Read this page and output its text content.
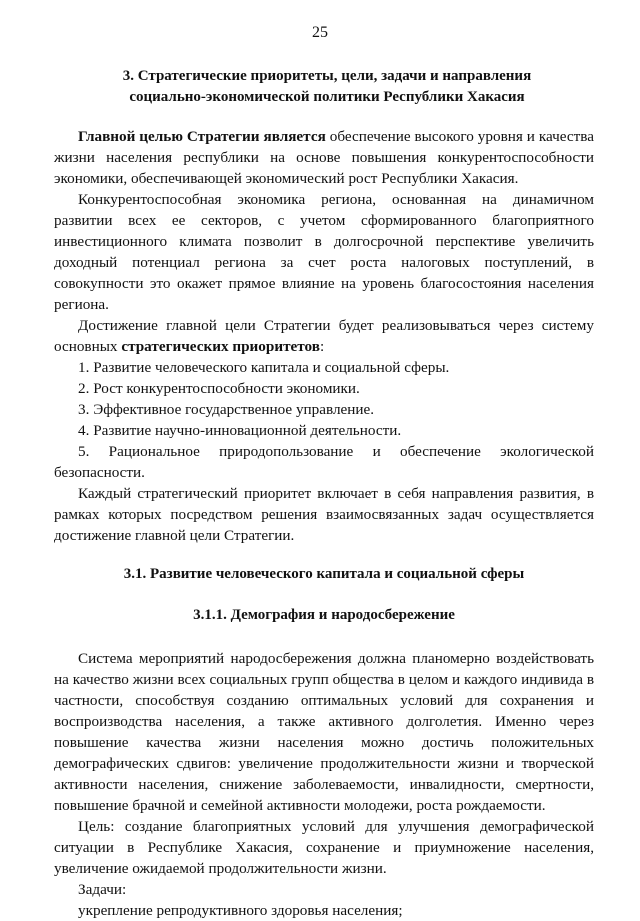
25

3. Стратегические приоритеты, цели, задачи и направления

социально-экономической политики Республики Хакасия

Главной целью Стратегии является обеспечение высокого уровня и качества жизни населения республики на основе повышения конкурентоспособности экономики, обеспечивающей экономический рост Республики Хакасия.

Конкурентоспособная экономика региона, основанная на динамичном развитии всех ее секторов, с учетом сформированного благоприятного инвестиционного климата позволит в долгосрочной перспективе увеличить доходный потенциал региона за счет роста налоговых поступлений, в совокупности это окажет прямое влияние на уровень благосостояния населения региона.

Достижение главной цели Стратегии будет реализовываться через систему основных стратегических приоритетов:

1. Развитие человеческого капитала и социальной сферы.

2. Рост конкурентоспособности экономики.

3. Эффективное государственное управление.

4. Развитие научно-инновационной деятельности.

5. Рациональное природопользование и обеспечение экологической безопасности.

Каждый стратегический приоритет включает в себя направления развития, в рамках которых посредством решения взаимосвязанных задач осуществляется достижение главной цели Стратегии.

3.1. Развитие человеческого капитала и социальной сферы

3.1.1. Демография и народосбережение

Система мероприятий народосбережения должна планомерно воздействовать на качество жизни всех социальных групп общества в целом и каждого индивида в частности, способствуя созданию оптимальных условий для сохранения и воспроизводства населения, а также активного долголетия. Именно через повышение качества жизни населения можно достичь положительных демографических сдвигов: увеличение продолжительности жизни и творческой активности населения, снижение заболеваемости, инвалидности, смертности, повышение брачной и семейной активности молодежи, роста рождаемости.

Цель: создание благоприятных условий для улучшения демографической ситуации в Республике Хакасия, сохранение и приумножение населения, увеличение ожидаемой продолжительности жизни.

Задачи:

укрепление репродуктивного здоровья населения;
